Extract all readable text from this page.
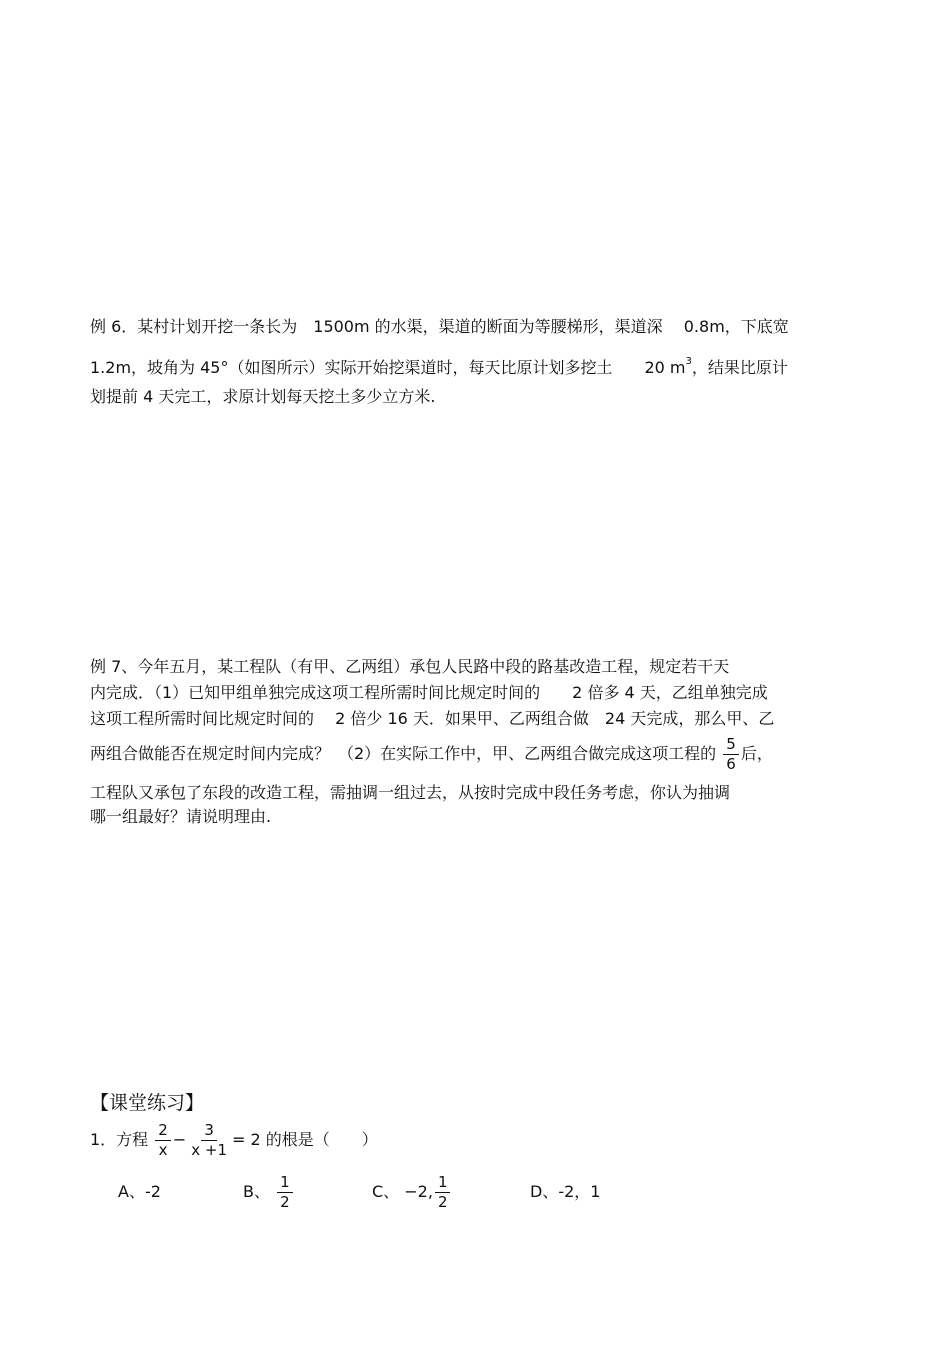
例 6．某村计划开挖一条长为　1500m 的水渠，渠道的断面为等腰梯形，渠道深　 0.8m，下底宽
1.2m，坡角为 45°（如图所示）实际开始挖渠道时，每天比原计划多挖土　　20 $m^3$，结果比原计
划提前 4 天完工，求原计划每天挖土多少立方米.
例 7、今年五月，某工程队（有甲、乙两组）承包人民路中段的路基改造工程，规定若干天
内完成．（1）已知甲组单独完成这项工程所需时间比规定时间的　　2 倍多 4 天，乙组单独完成
这项工程所需时间比规定时间的　 2 倍少 16 天．如果甲、乙两组合做　24 天完成，那么甲、乙
两组合做能否在规定时间内完成？　（2）在实际工作中，甲、乙两组合做完成这项工程的 $\frac{5}{6}$ 后，
工程队又承包了东段的改造工程，需抽调一组过去，从按时完成中段任务考虑，你认为抽调
哪一组最好？请说明理由.
【课堂练习】
1．方程 $\frac{2}{x} - \frac{3}{x +1} = 2$ 的根是（　　）
A、-2	B、 $\frac{1}{2}$	C、 −2, $\frac{1}{2}$	D、-2，1
